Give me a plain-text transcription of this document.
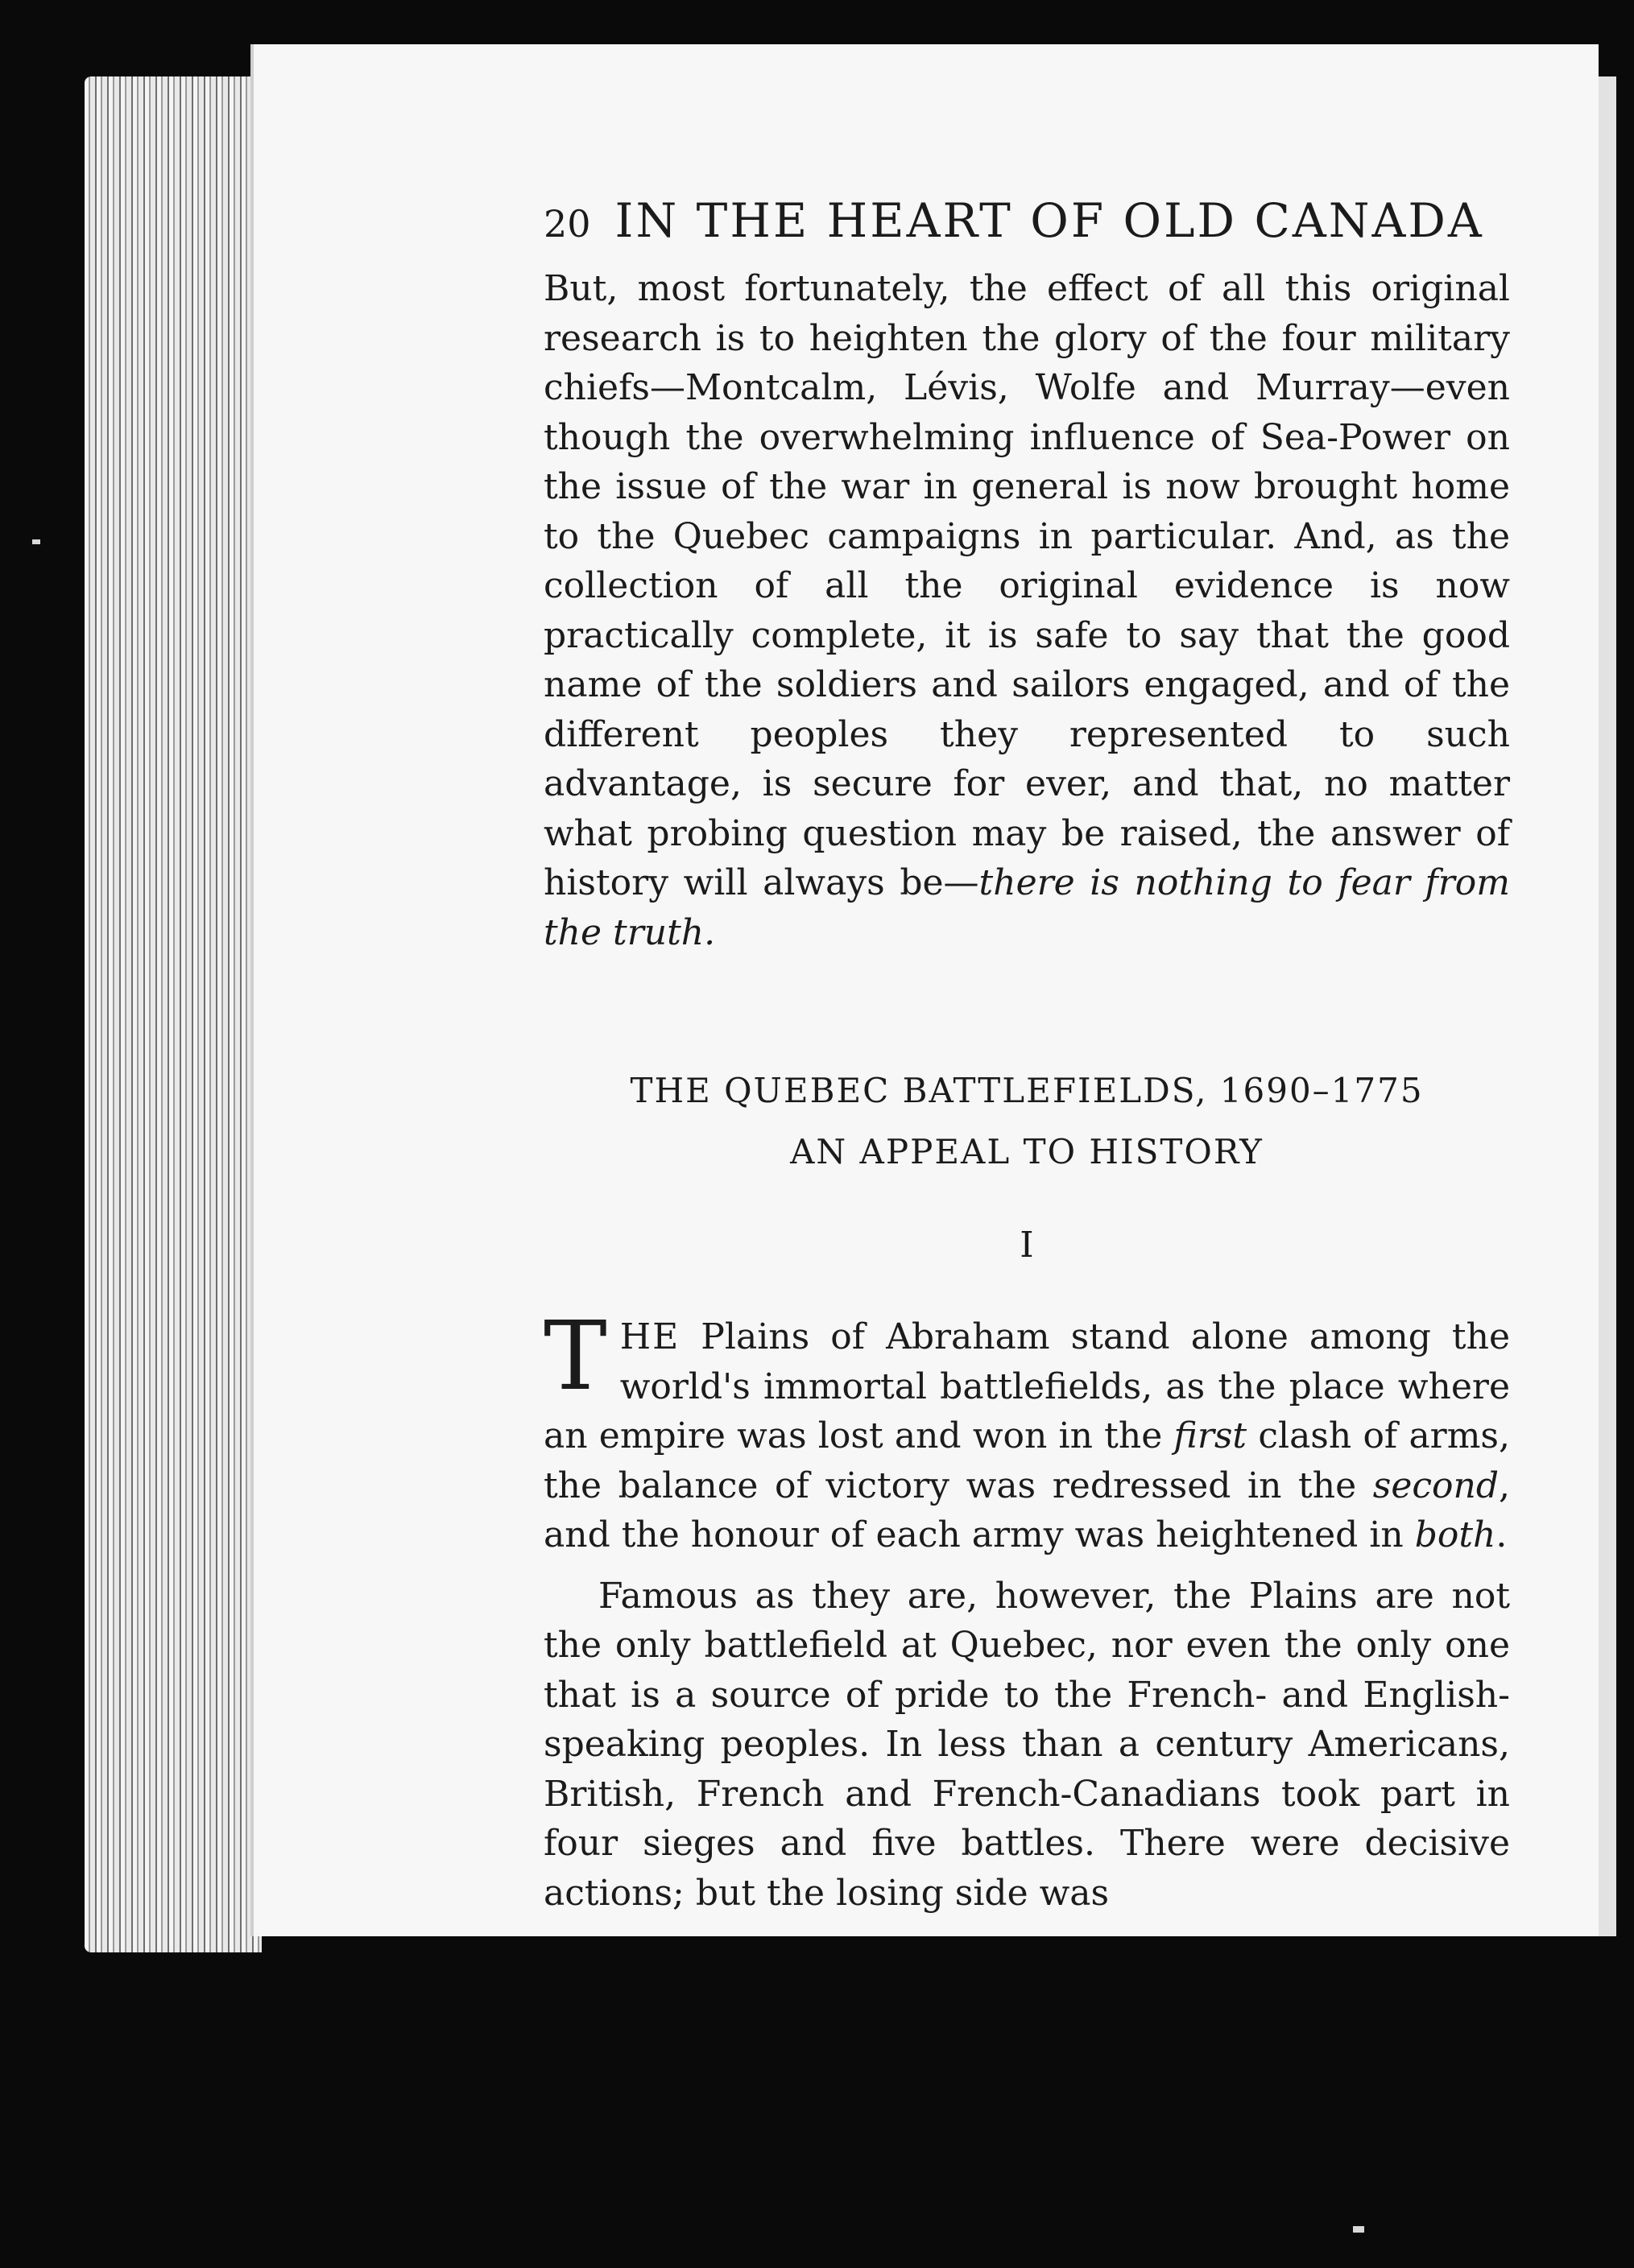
20 IN THE HEART OF OLD CANADA

But, most fortunately, the effect of all this original research is to heighten the glory of the four military chiefs—Montcalm, Lévis, Wolfe and Murray—even though the overwhelming influence of Sea-Power on the issue of the war in general is now brought home to the Quebec campaigns in particular. And, as the collection of all the original evidence is now practically complete, it is safe to say that the good name of the soldiers and sailors engaged, and of the different peoples they represented to such advantage, is secure for ever, and that, no matter what probing question may be raised, the answer of history will always be—there is nothing to fear from the truth.

THE QUEBEC BATTLEFIELDS, 1690–1775
AN APPEAL TO HISTORY
I

THE Plains of Abraham stand alone among the world's immortal battlefields, as the place where an empire was lost and won in the first clash of arms, the balance of victory was redressed in the second, and the honour of each army was heightened in both.

Famous as they are, however, the Plains are not the only battlefield at Quebec, nor even the only one that is a source of pride to the French- and English-speaking peoples. In less than a century Americans, British, French and French-Canadians took part in four sieges and five battles. There were decisive actions; but the losing side was
